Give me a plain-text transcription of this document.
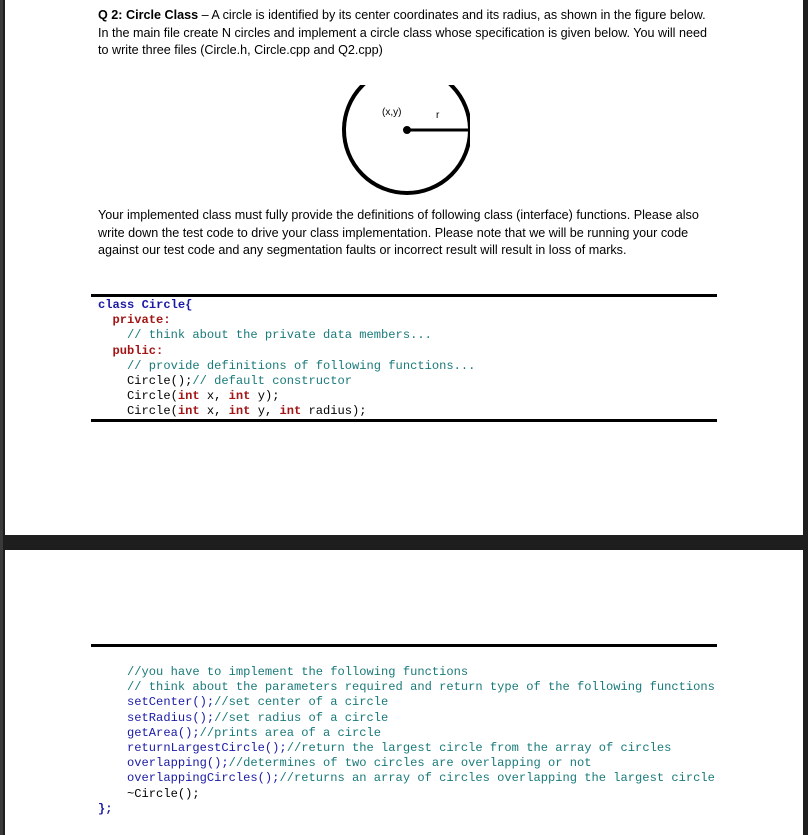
Q 2: Circle Class – A circle is identified by its center coordinates and its radius, as shown in the figure below. In the main file create N circles and implement a circle class whose specification is given below. You will need to write three files (Circle.h, Circle.cpp and Q2.cpp)
(x,y)	r
Your implemented class must fully provide the definitions of following class (interface) functions. Please also write down the test code to drive your class implementation. Please note that we will be running your code against our test code and any segmentation faults or incorrect result will result in loss of marks.
class Circle{
private:
// think about the private data members...
public:
// provide definitions of following functions...
Circle();// default constructor
Circle(int x, int y);
Circle(int x, int y, int radius);
//you have to implement the following functions
// think about the parameters required and return type of the following functions
setCenter();//set center of a circle
setRadius();//set radius of a circle
getArea();//prints area of a circle
returnLargestCircle();//return the largest circle from the array of circles
overlapping();//determines of two circles are overlapping or not
overlappingCircles();//returns an array of circles overlapping the largest circle
~Circle();
};
